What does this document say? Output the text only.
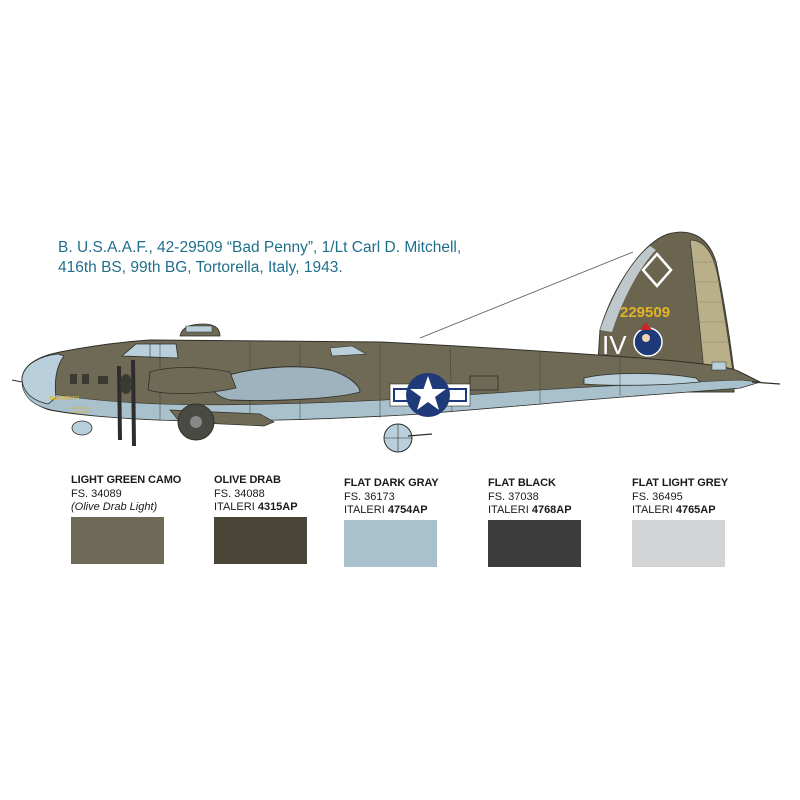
B. U.S.A.A.F., 42-29509 “Bad Penny”, 1/Lt Carl D. Mitchell,
416th BS, 99th BG, Tortorella, Italy, 1943.
BAD PENNY
229509
IV
LIGHT GREEN CAMO
FS. 34089
(Olive Drab Light)
OLIVE DRAB
FS. 34088
ITALERI 4315AP
FLAT DARK GRAY
FS. 36173
ITALERI 4754AP
FLAT BLACK
FS. 37038
ITALERI 4768AP
FLAT LIGHT GREY
FS. 36495
ITALERI 4765AP
